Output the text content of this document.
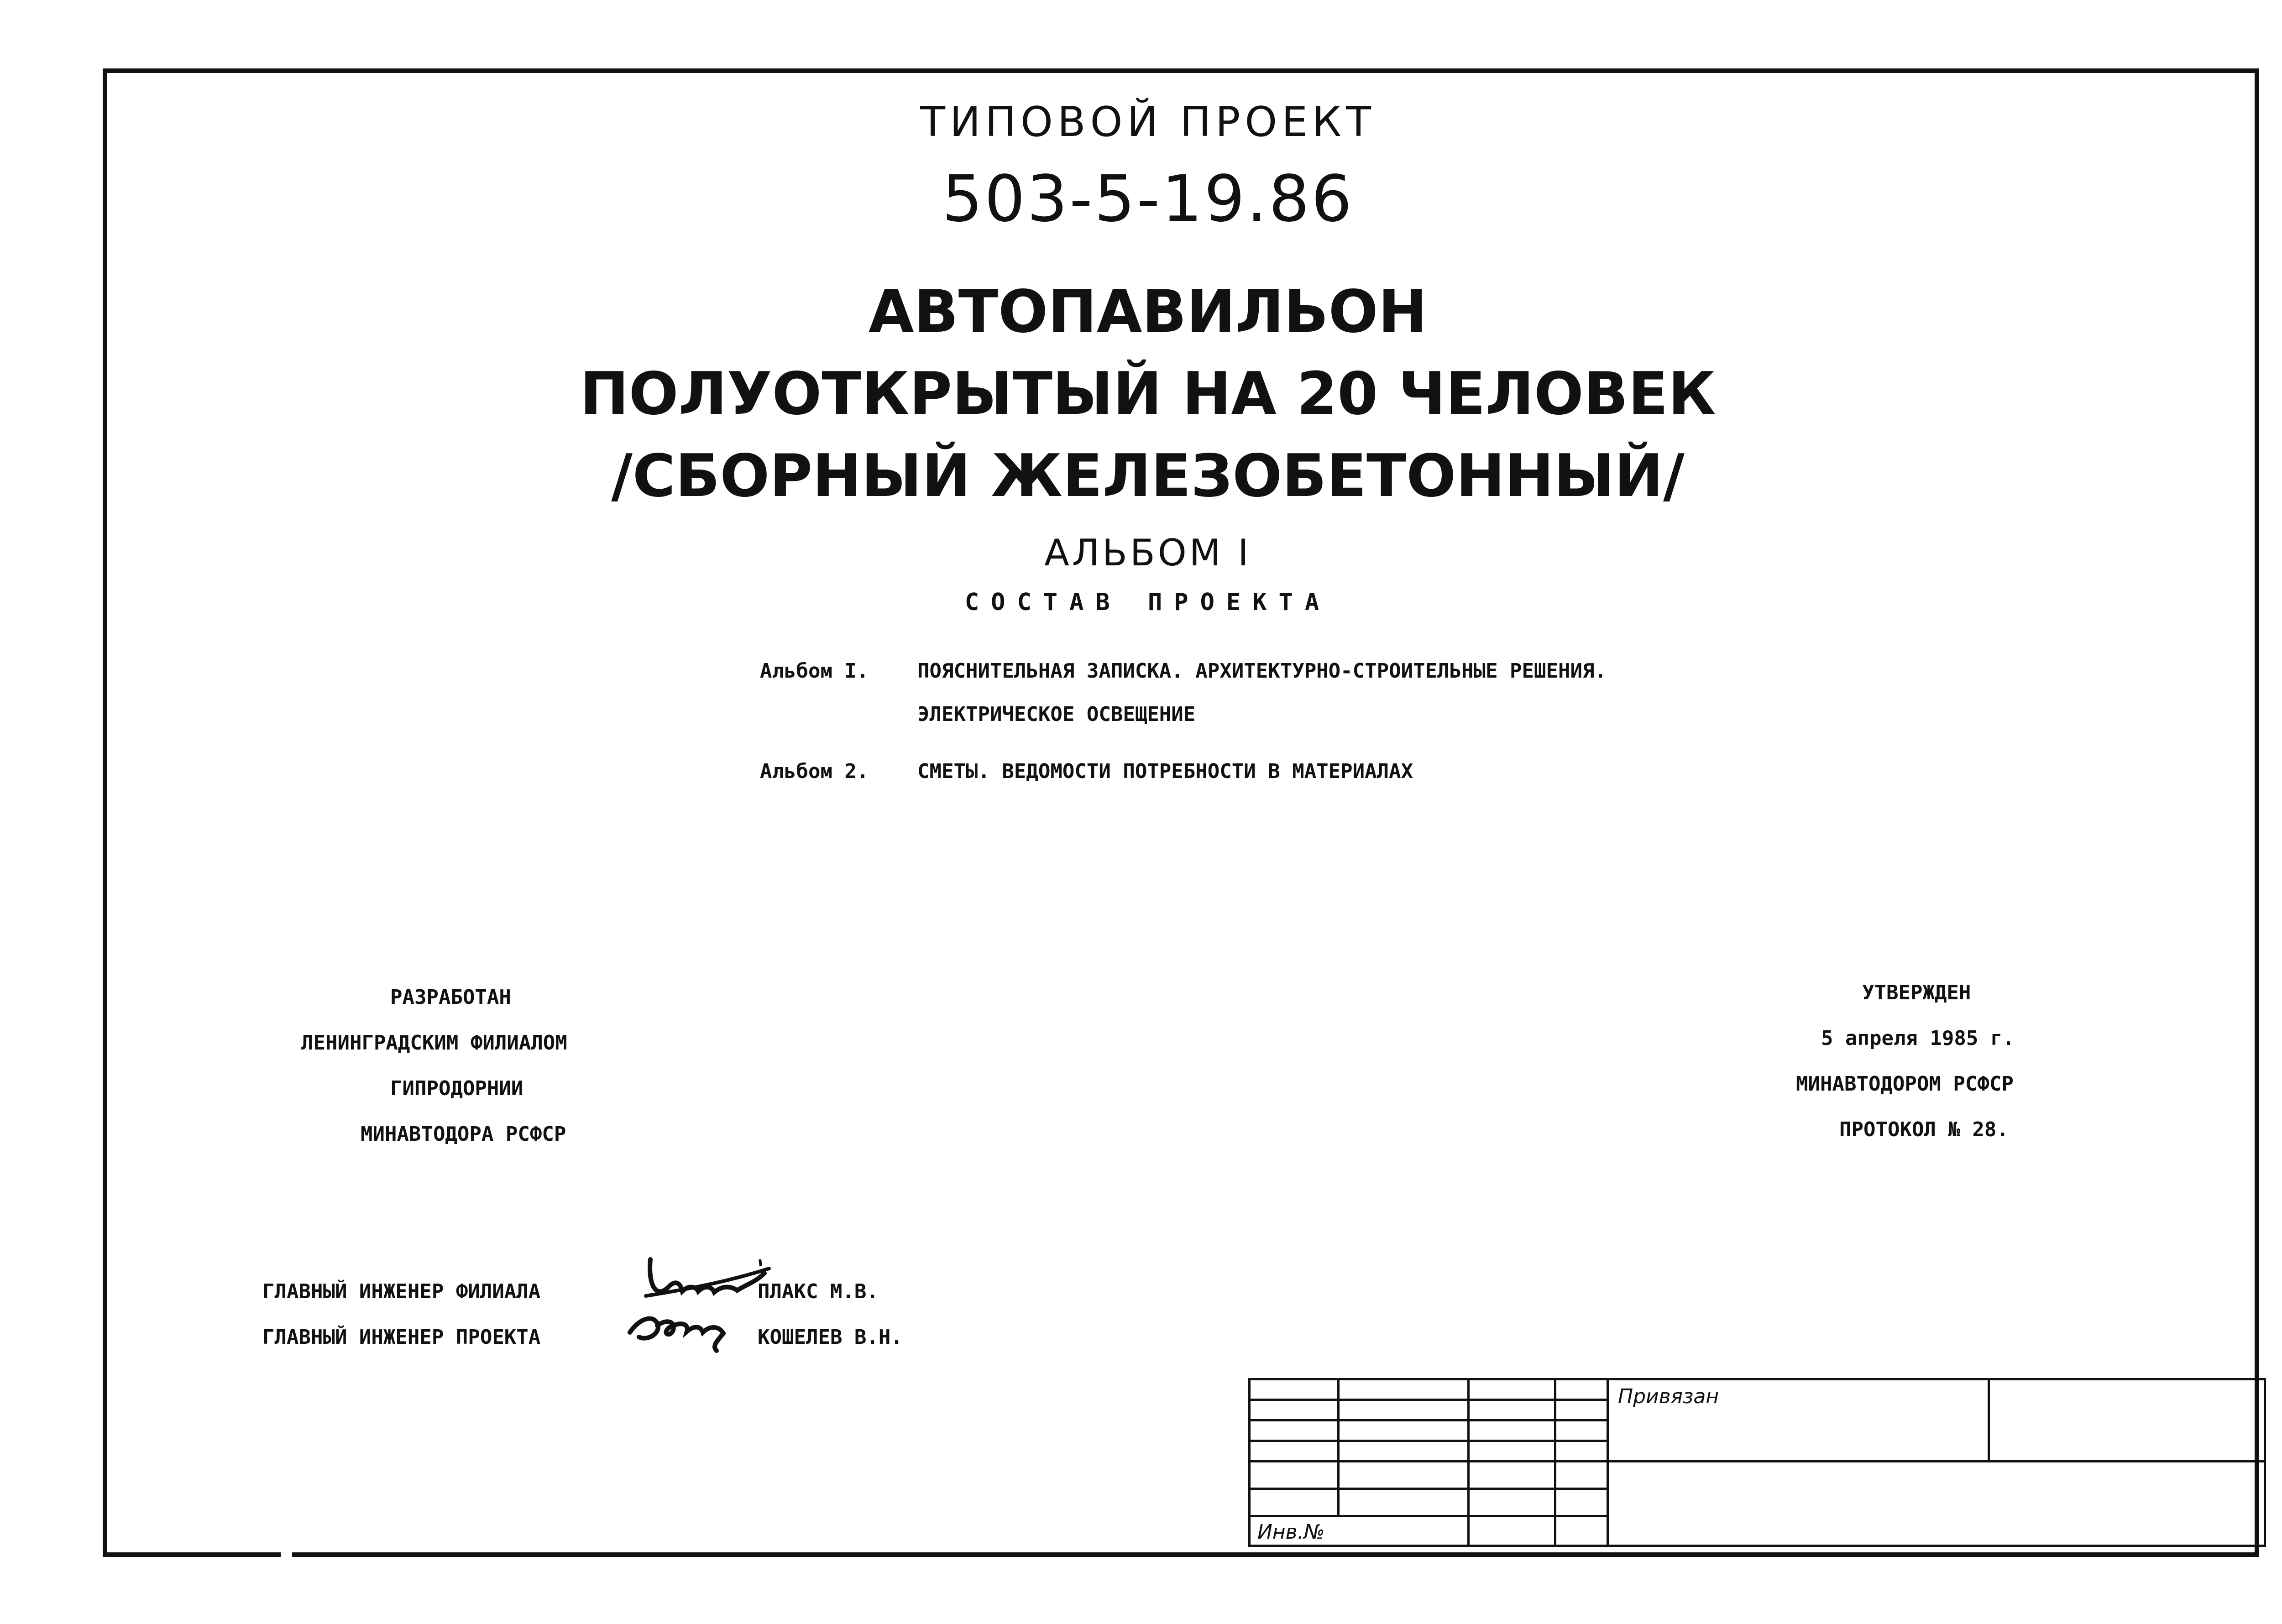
ТИПОВОЙ ПРОЕКТ
503-5-19.86
АВТОПАВИЛЬОН
ПОЛУОТКРЫТЫЙ НА 20 ЧЕЛОВЕК
/СБОРНЫЙ ЖЕЛЕЗОБЕТОННЫЙ/
АЛЬБОМ I
СОСТАВ ПРОЕКТА
Альбом I. ПОЯСНИТЕЛЬНАЯ ЗАПИСКА. АРХИТЕКТУРНО-СТРОИТЕЛЬНЫЕ РЕШЕНИЯ.
ЭЛЕКТРИЧЕСКОЕ ОСВЕЩЕНИЕ
Альбом 2. СМЕТЫ. ВЕДОМОСТИ ПОТРЕБНОСТИ В МАТЕРИАЛАХ
РАЗРАБОТАН
ЛЕНИНГРАДСКИМ ФИЛИАЛОМ
ГИПРОДОРНИИ
МИНАВТОДОРА РСФСР
УТВЕРЖДЕН
5 апреля 1985 г.
МИНАВТОДОРОМ РСФСР
ПРОТОКОЛ № 28.
ГЛАВНЫЙ ИНЖЕНЕР ФИЛИАЛА	ПЛАКС М.В.
ГЛАВНЫЙ ИНЖЕНЕР ПРОЕКТА	КОШЕЛЕВ В.Н.

				Привязан	

Инв.№					
